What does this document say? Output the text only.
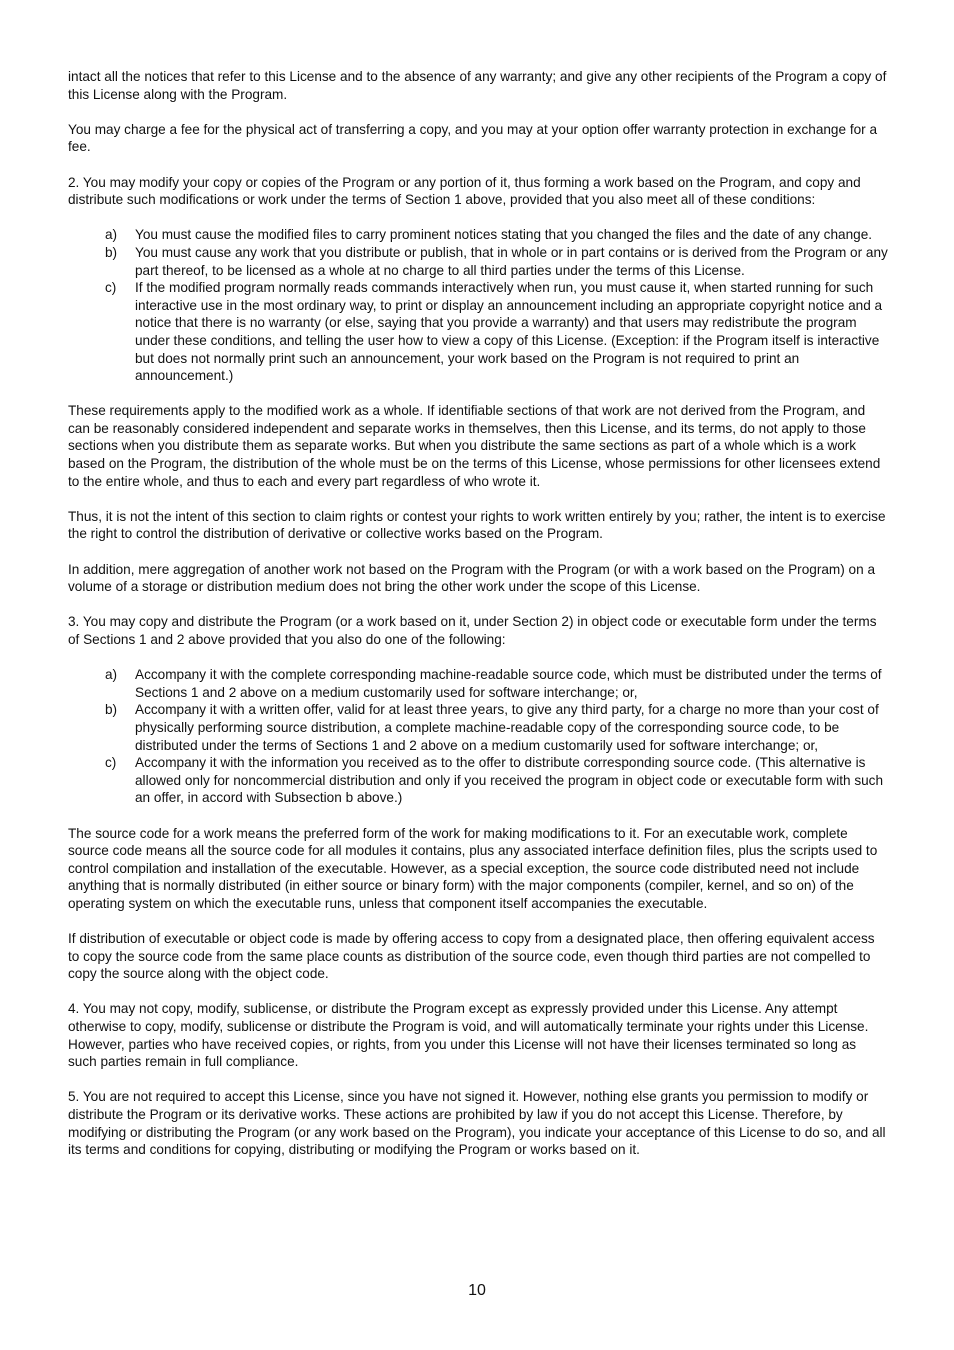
intact all the notices that refer to this License and to the absence of any warranty; and give any other recipients of the Program a copy of this License along with the Program.

You may charge a fee for the physical act of transferring a copy, and you may at your option offer warranty protection in exchange for a fee.

2. You may modify your copy or copies of the Program or any portion of it, thus forming a work based on the Program, and copy and distribute such modifications or work under the terms of Section 1 above, provided that you also meet all of these conditions:

a) You must cause the modified files to carry prominent notices stating that you changed the files and the date of any change.
b) You must cause any work that you distribute or publish, that in whole or in part contains or is derived from the Program or any part thereof, to be licensed as a whole at no charge to all third parties under the terms of this License.
c) If the modified program normally reads commands interactively when run, you must cause it, when started running for such interactive use in the most ordinary way, to print or display an announcement including an appropriate copyright notice and a notice that there is no warranty (or else, saying that you provide a warranty) and that users may redistribute the program under these conditions, and telling the user how to view a copy of this License. (Exception: if the Program itself is interactive but does not normally print such an announcement, your work based on the Program is not required to print an announcement.)

These requirements apply to the modified work as a whole. If identifiable sections of that work are not derived from the Program, and can be reasonably considered independent and separate works in themselves, then this License, and its terms, do not apply to those sections when you distribute them as separate works. But when you distribute the same sections as part of a whole which is a work based on the Program, the distribution of the whole must be on the terms of this License, whose permissions for other licensees extend to the entire whole, and thus to each and every part regardless of who wrote it.

Thus, it is not the intent of this section to claim rights or contest your rights to work written entirely by you; rather, the intent is to exercise the right to control the distribution of derivative or collective works based on the Program.

In addition, mere aggregation of another work not based on the Program with the Program (or with a work based on the Program) on a volume of a storage or distribution medium does not bring the other work under the scope of this License.

3. You may copy and distribute the Program (or a work based on it, under Section 2) in object code or executable form under the terms of Sections 1 and 2 above provided that you also do one of the following:

a) Accompany it with the complete corresponding machine-readable source code, which must be distributed under the terms of Sections 1 and 2 above on a medium customarily used for software interchange; or,
b) Accompany it with a written offer, valid for at least three years, to give any third party, for a charge no more than your cost of physically performing source distribution, a complete machine-readable copy of the corresponding source code, to be distributed under the terms of Sections 1 and 2 above on a medium customarily used for software interchange; or,
c) Accompany it with the information you received as to the offer to distribute corresponding source code. (This alternative is allowed only for noncommercial distribution and only if you received the program in object code or executable form with such an offer, in accord with Subsection b above.)

The source code for a work means the preferred form of the work for making modifications to it. For an executable work, complete source code means all the source code for all modules it contains, plus any associated interface definition files, plus the scripts used to control compilation and installation of the executable. However, as a special exception, the source code distributed need not include anything that is normally distributed (in either source or binary form) with the major components (compiler, kernel, and so on) of the operating system on which the executable runs, unless that component itself accompanies the executable.

If distribution of executable or object code is made by offering access to copy from a designated place, then offering equivalent access to copy the source code from the same place counts as distribution of the source code, even though third parties are not compelled to copy the source along with the object code.

4. You may not copy, modify, sublicense, or distribute the Program except as expressly provided under this License. Any attempt otherwise to copy, modify, sublicense or distribute the Program is void, and will automatically terminate your rights under this License. However, parties who have received copies, or rights, from you under this License will not have their licenses terminated so long as such parties remain in full compliance.

5. You are not required to accept this License, since you have not signed it. However, nothing else grants you permission to modify or distribute the Program or its derivative works. These actions are prohibited by law if you do not accept this License. Therefore, by modifying or distributing the Program (or any work based on the Program), you indicate your acceptance of this License to do so, and all its terms and conditions for copying, distributing or modifying the Program or works based on it.

10
